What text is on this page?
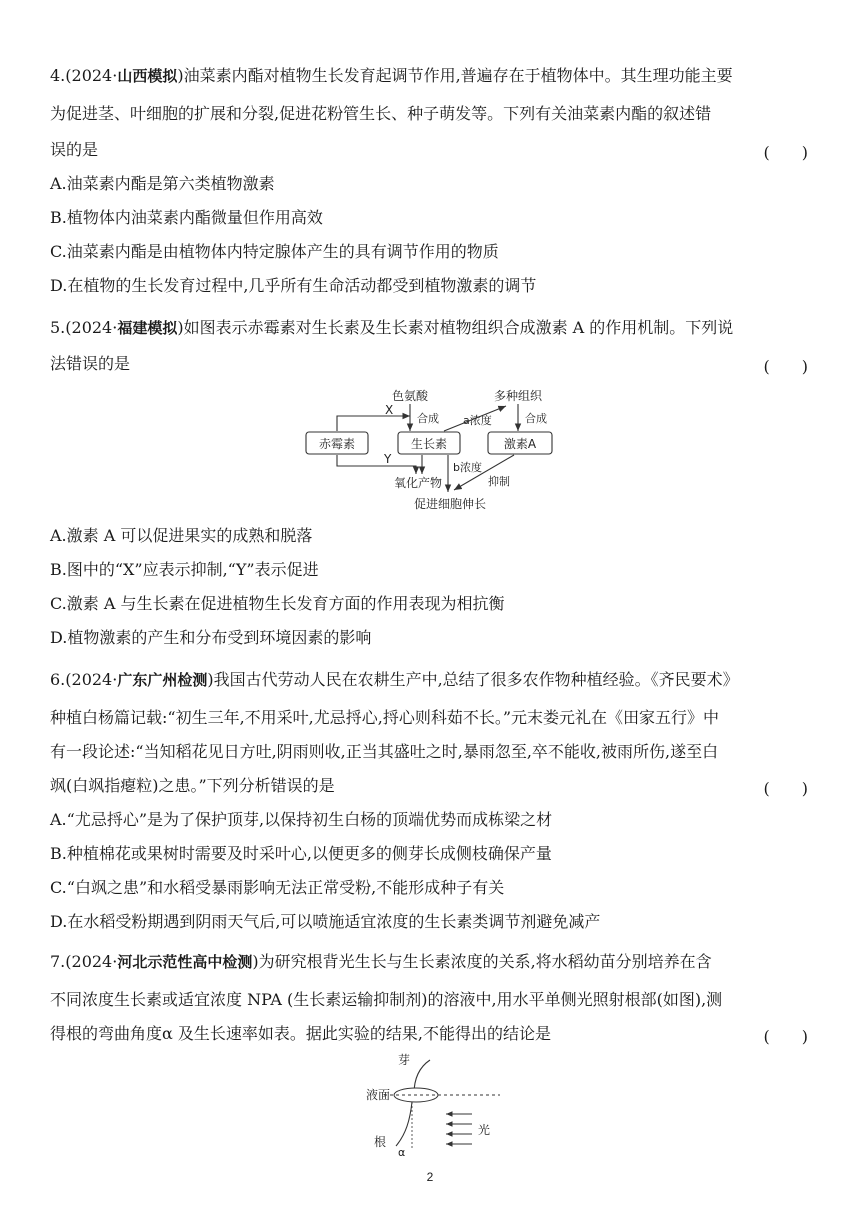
4.(2024·山西模拟)油菜素内酯对植物生长发育起调节作用,普遍存在于植物体中。其生理功能主要
为促进茎、叶细胞的扩展和分裂,促进花粉管生长、种子萌发等。下列有关油菜素内酯的叙述错
误的是	(　　)
A.油菜素内酯是第六类植物激素
B.植物体内油菜素内酯微量但作用高效
C.油菜素内酯是由植物体内特定腺体产生的具有调节作用的物质
D.在植物的生长发育过程中,几乎所有生命活动都受到植物激素的调节
5.(2024·福建模拟)如图表示赤霉素对生长素及生长素对植物组织合成激素 A 的作用机制。下列说
法错误的是	(　　)
赤霉素	生长素	激素A
色氨酸
合成
多种组织
合成
a浓度
X
Y
氧化产物
b浓度
抑制
促进细胞伸长
A.激素 A 可以促进果实的成熟和脱落
B.图中的“X”应表示抑制,“Y”表示促进
C.激素 A 与生长素在促进植物生长发育方面的作用表现为相抗衡
D.植物激素的产生和分布受到环境因素的影响
6.(2024·广东广州检测)我国古代劳动人民在农耕生产中,总结了很多农作物种植经验。《齐民要术》
种植白杨篇记载:“初生三年,不用采叶,尤忌捋心,捋心则科茹不长。”元末娄元礼在《田家五行》中
有一段论述:“当知稻花见日方吐,阴雨则收,正当其盛吐之时,暴雨忽至,卒不能收,被雨所伤,遂至白
飒(白飒指瘪粒)之患。”下列分析错误的是	(　　)
A.“尤忌捋心”是为了保护顶芽,以保持初生白杨的顶端优势而成栋梁之材
B.种植棉花或果树时需要及时采叶心,以便更多的侧芽长成侧枝确保产量
C.“白飒之患”和水稻受暴雨影响无法正常受粉,不能形成种子有关
D.在水稻受粉期遇到阴雨天气后,可以喷施适宜浓度的生长素类调节剂避免减产
7.(2024·河北示范性高中检测)为研究根背光生长与生长素浓度的关系,将水稻幼苗分别培养在含
不同浓度生长素或适宜浓度 NPA (生长素运输抑制剂)的溶液中,用水平单侧光照射根部(如图),测
得根的弯曲角度α 及生长速率如表。据此实验的结果,不能得出的结论是	(　　)
芽
液面
根
α
光
2
